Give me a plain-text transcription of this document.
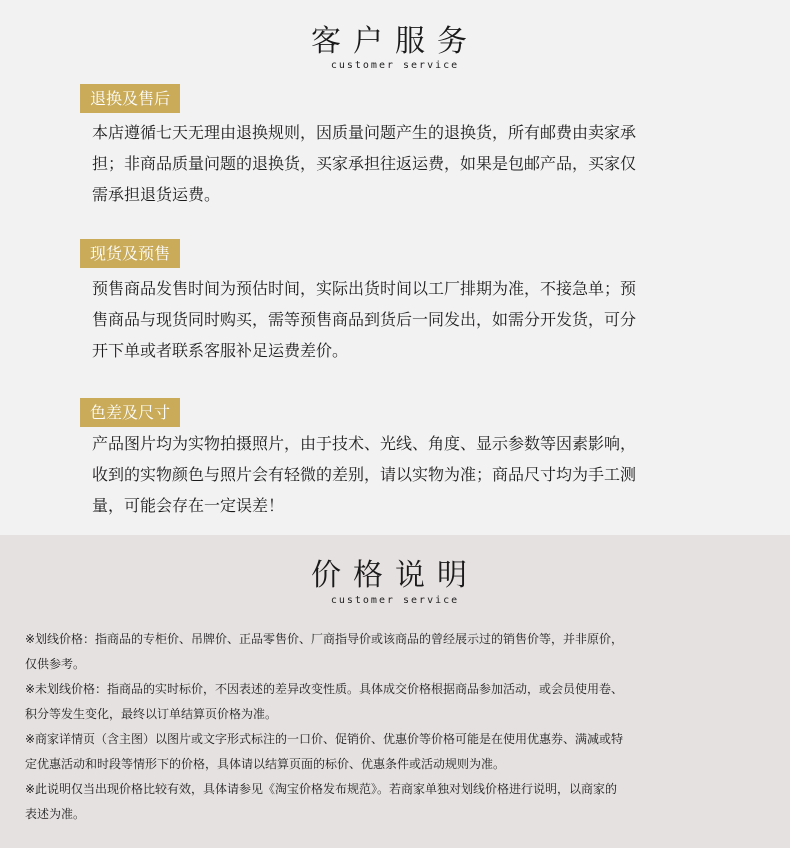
客户服务
customer service
退换及售后
本店遵循七天无理由退换规则，因质量问题产生的退换货，所有邮费由卖家承
担；非商品质量问题的退换货，买家承担往返运费，如果是包邮产品，买家仅
需承担退货运费。
现货及预售
预售商品发售时间为预估时间，实际出货时间以工厂排期为准，不接急单；预
售商品与现货同时购买，需等预售商品到货后一同发出，如需分开发货，可分
开下单或者联系客服补足运费差价。
色差及尺寸
产品图片均为实物拍摄照片，由于技术、光线、角度、显示参数等因素影响，
收到的实物颜色与照片会有轻微的差别，请以实物为准；商品尺寸均为手工测
量，可能会存在一定误差！
价格说明
customer service
※划线价格：指商品的专柜价、吊牌价、正品零售价、厂商指导价或该商品的曾经展示过的销售价等，并非原价，
仅供参考。
※未划线价格：指商品的实时标价，不因表述的差异改变性质。具体成交价格根据商品参加活动，或会员使用卷、
积分等发生变化，最终以订单结算页价格为准。
※商家详情页（含主图）以图片或文字形式标注的一口价、促销价、优惠价等价格可能是在使用优惠券、满减或特
定优惠活动和时段等情形下的价格，具体请以结算页面的标价、优惠条件或活动规则为准。
※此说明仅当出现价格比较有效，具体请参见《淘宝价格发布规范》。若商家单独对划线价格进行说明，以商家的
表述为准。
